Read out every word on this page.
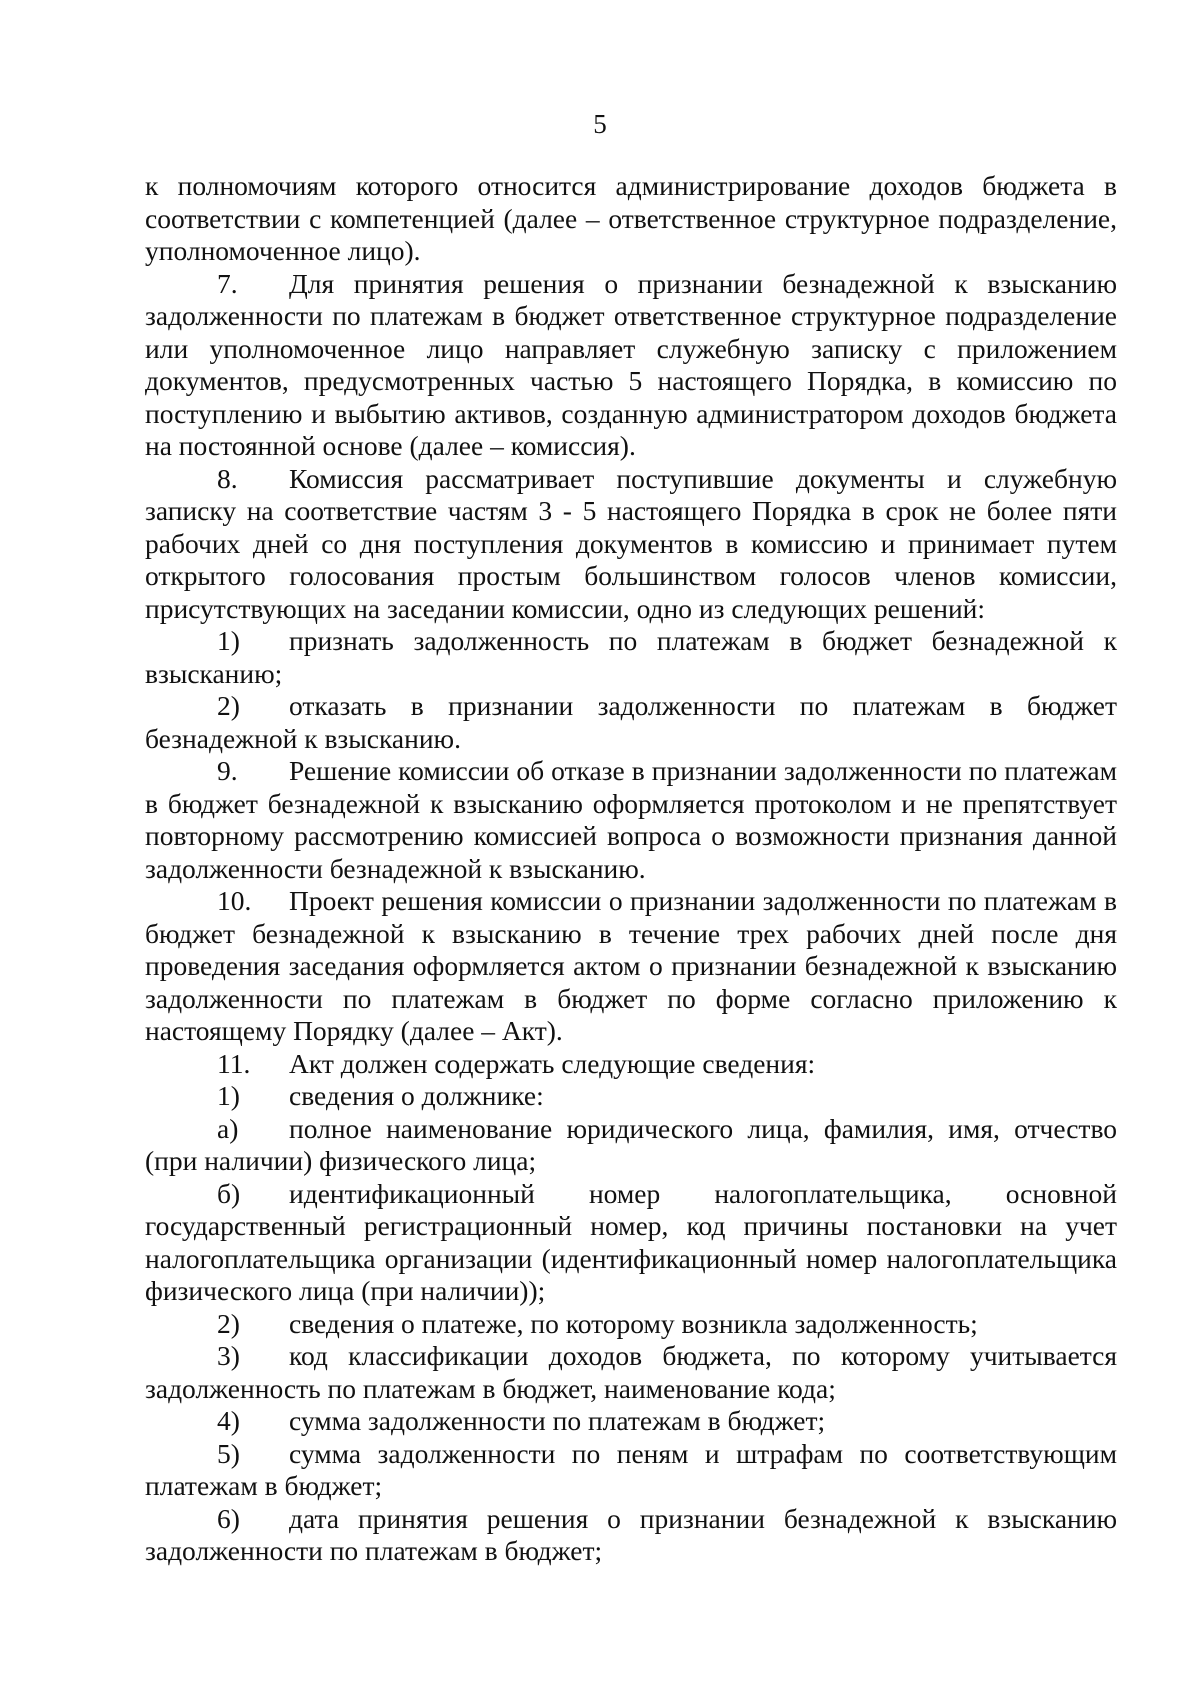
5

к полномочиям которого относится администрирование доходов бюджета в соответствии с компетенцией (далее – ответственное структурное подразделение, уполномоченное лицо).

7. Для принятия решения о признании безнадежной к взысканию задолженности по платежам в бюджет ответственное структурное подразделение или уполномоченное лицо направляет служебную записку с приложением документов, предусмотренных частью 5 настоящего Порядка, в комиссию по поступлению и выбытию активов, созданную администратором доходов бюджета на постоянной основе (далее – комиссия).

8. Комиссия рассматривает поступившие документы и служебную записку на соответствие частям 3 - 5 настоящего Порядка в срок не более пяти рабочих дней со дня поступления документов в комиссию и принимает путем открытого голосования простым большинством голосов членов комиссии, присутствующих на заседании комиссии, одно из следующих решений:

1) признать задолженность по платежам в бюджет безнадежной к взысканию;

2) отказать в признании задолженности по платежам в бюджет безнадежной к взысканию.

9. Решение комиссии об отказе в признании задолженности по платежам в бюджет безнадежной к взысканию оформляется протоколом и не препятствует повторному рассмотрению комиссией вопроса о возможности признания данной задолженности безнадежной к взысканию.

10. Проект решения комиссии о признании задолженности по платежам в бюджет безнадежной к взысканию в течение трех рабочих дней после дня проведения заседания оформляется актом о признании безнадежной к взысканию задолженности по платежам в бюджет по форме согласно приложению к настоящему Порядку (далее – Акт).

11. Акт должен содержать следующие сведения:

1) сведения о должнике:

а) полное наименование юридического лица, фамилия, имя, отчество (при наличии) физического лица;

б) идентификационный номер налогоплательщика, основной государственный регистрационный номер, код причины постановки на учет налогоплательщика организации (идентификационный номер налогоплательщика физического лица (при наличии));

2) сведения о платеже, по которому возникла задолженность;

3) код классификации доходов бюджета, по которому учитывается задолженность по платежам в бюджет, наименование кода;

4) сумма задолженности по платежам в бюджет;

5) сумма задолженности по пеням и штрафам по соответствующим платежам в бюджет;

6) дата принятия решения о признании безнадежной к взысканию задолженности по платежам в бюджет;
